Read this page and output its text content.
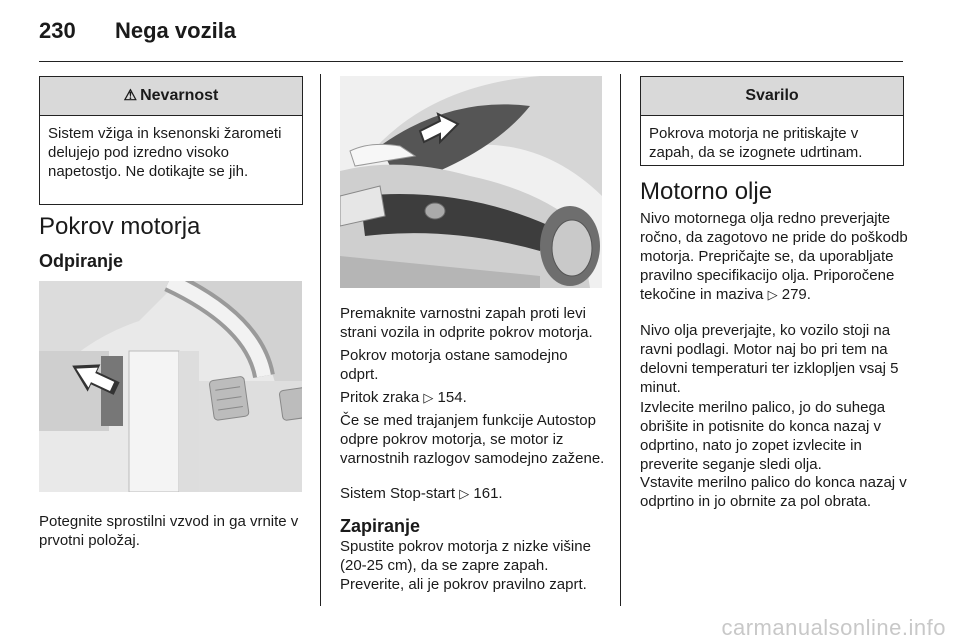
230 Nega vozila
⚠ Nevarnost
Sistem vžiga in ksenonski žarometi delujejo pod izredno visoko napetostjo. Ne dotikajte se jih.
Pokrov motorja
Odpiranje
Potegnite sprostilni vzvod in ga vrnite v prvotni položaj.
Premaknite varnostni zapah proti levi strani vozila in odprite pokrov motorja.
Pokrov motorja ostane samodejno odprt.
Pritok zraka ▷ 154.
Če se med trajanjem funkcije Autostop odpre pokrov motorja, se motor iz varnostnih razlogov samodejno zažene.
Sistem Stop-start ▷ 161.
Zapiranje
Spustite pokrov motorja z nizke višine (20-25 cm), da se zapre zapah. Preverite, ali je pokrov pravilno zaprt.
Svarilo
Pokrova motorja ne pritiskajte v zapah, da se izognete udrtinam.
Motorno olje
Nivo motornega olja redno preverjajte ročno, da zagotovo ne pride do poškodb motorja. Prepričajte se, da uporabljate pravilno specifikacijo olja. Priporočene tekočine in maziva ▷ 279.
Nivo olja preverjajte, ko vozilo stoji na ravni podlagi. Motor naj bo pri tem na delovni temperaturi ter izklopljen vsaj 5 minut.
Izvlecite merilno palico, jo do suhega obrišite in potisnite do konca nazaj v odprtino, nato jo zopet izvlecite in preverite seganje sledi olja.
Vstavite merilno palico do konca nazaj v odprtino in jo obrnite za pol obrata.
carmanualsonline.info
